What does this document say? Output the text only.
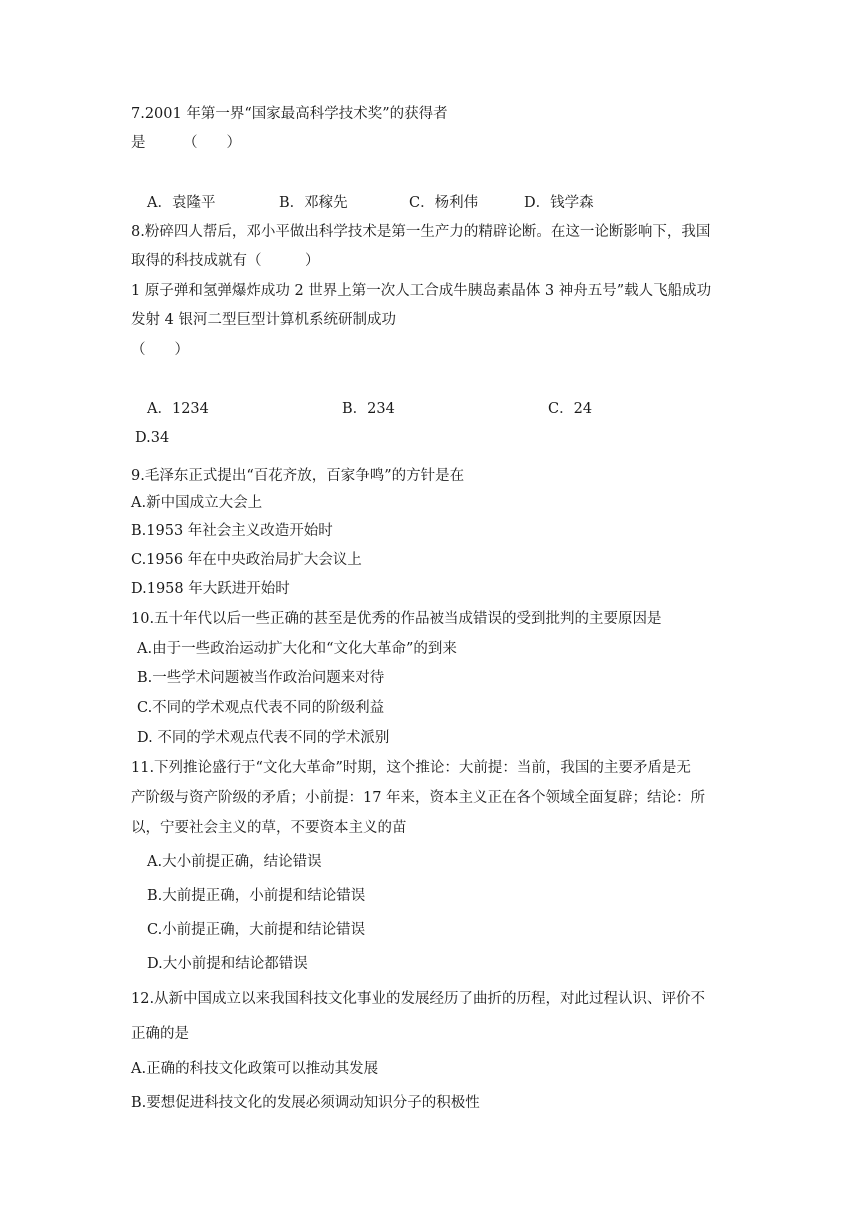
7.2001 年第一界“国家最高科学技术奖”的获得者
是	（　　）
A．袁隆平	B．邓稼先	C．杨利伟	D．钱学森
8.粉碎四人帮后，邓小平做出科学技术是第一生产力的精辟论断。在这一论断影响下，我国
取得的科技成就有（　　　）
1 原子弹和氢弹爆炸成功 2 世界上第一次人工合成牛胰岛素晶体 3 神舟五号”载人飞船成功
发射 4 银河二型巨型计算机系统研制成功
（　　）
A．1234	B．234	C．24
D.34
9.毛泽东正式提出“百花齐放，百家争鸣”的方针是在
A.新中国成立大会上
B.1953 年社会主义改造开始时
C.1956 年在中央政治局扩大会议上
D.1958 年大跃进开始时
10.五十年代以后一些正确的甚至是优秀的作品被当成错误的受到批判的主要原因是
A.由于一些政治运动扩大化和“文化大革命”的到来
B.一些学术问题被当作政治问题来对待
C.不同的学术观点代表不同的阶级利益
D. 不同的学术观点代表不同的学术派别
11.下列推论盛行于“文化大革命”时期，这个推论：大前提：当前，我国的主要矛盾是无
产阶级与资产阶级的矛盾；小前提：17 年来，资本主义正在各个领域全面复辟；结论：所
以，宁要社会主义的草，不要资本主义的苗
A.大小前提正确，结论错误
B.大前提正确，小前提和结论错误
C.小前提正确，大前提和结论错误
D.大小前提和结论都错误
12.从新中国成立以来我国科技文化事业的发展经历了曲折的历程，对此过程认识、评价不
正确的是
A.正确的科技文化政策可以推动其发展
B.要想促进科技文化的发展必须调动知识分子的积极性
